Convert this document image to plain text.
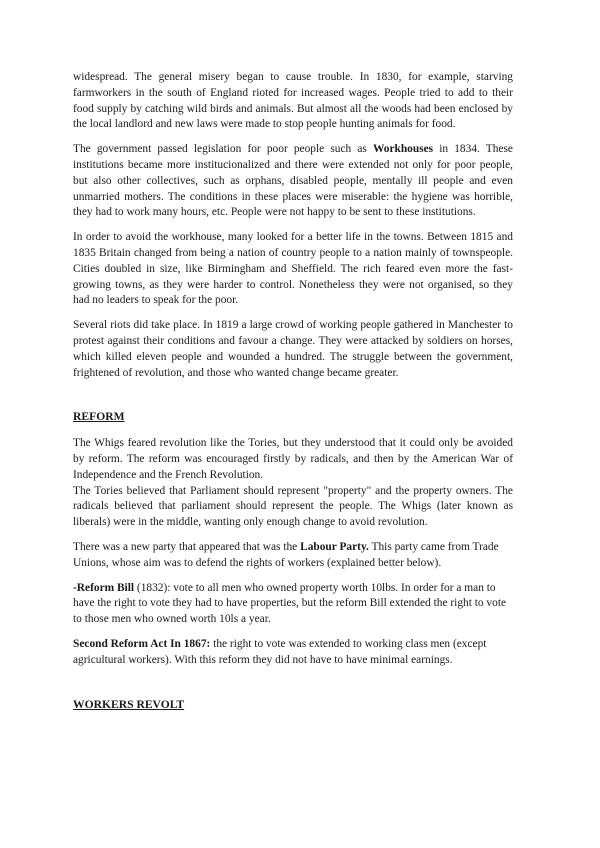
widespread. The general misery began to cause trouble. In 1830, for example, starving farmworkers in the south of England rioted for increased wages. People tried to add to their food supply by catching wild birds and animals. But almost all the woods had been enclosed by the local landlord and new laws were made to stop people hunting animals for food.

The government passed legislation for poor people such as Workhouses in 1834. These institutions became more institucionalized and there were extended not only for poor people, but also other collectives, such as orphans, disabled people, mentally ill people and even unmarried mothers. The conditions in these places were miserable: the hygiene was horrible, they had to work many hours, etc. People were not happy to be sent to these institutions.

In order to avoid the workhouse, many looked for a better life in the towns. Between 1815 and 1835 Britain changed from being a nation of country people to a nation mainly of townspeople. Cities doubled in size, like Birmingham and Sheffield. The rich feared even more the fast-growing towns, as they were harder to control. Nonetheless they were not organised, so they had no leaders to speak for the poor.

Several riots did take place. In 1819 a large crowd of working people gathered in Manchester to protest against their conditions and favour a change. They were attacked by soldiers on horses, which killed eleven people and wounded a hundred. The struggle between the government, frightened of revolution, and those who wanted change became greater.

REFORM

The Whigs feared revolution like the Tories, but they understood that it could only be avoided by reform. The reform was encouraged firstly by radicals, and then by the American War of Independence and the French Revolution.

The Tories believed that Parliament should represent "property" and the property owners. The radicals believed that parliament should represent the people. The Whigs (later known as liberals) were in the middle, wanting only enough change to avoid revolution.

There was a new party that appeared that was the Labour Party. This party came from Trade Unions, whose aim was to defend the rights of workers (explained better below).

-Reform Bill (1832): vote to all men who owned property worth 10lbs. In order for a man to have the right to vote they had to have properties, but the reform Bill extended the right to vote to those men who owned worth 10ls a year.

Second Reform Act In 1867: the right to vote was extended to working class men (except agricultural workers). With this reform they did not have to have minimal earnings.

WORKERS REVOLT
